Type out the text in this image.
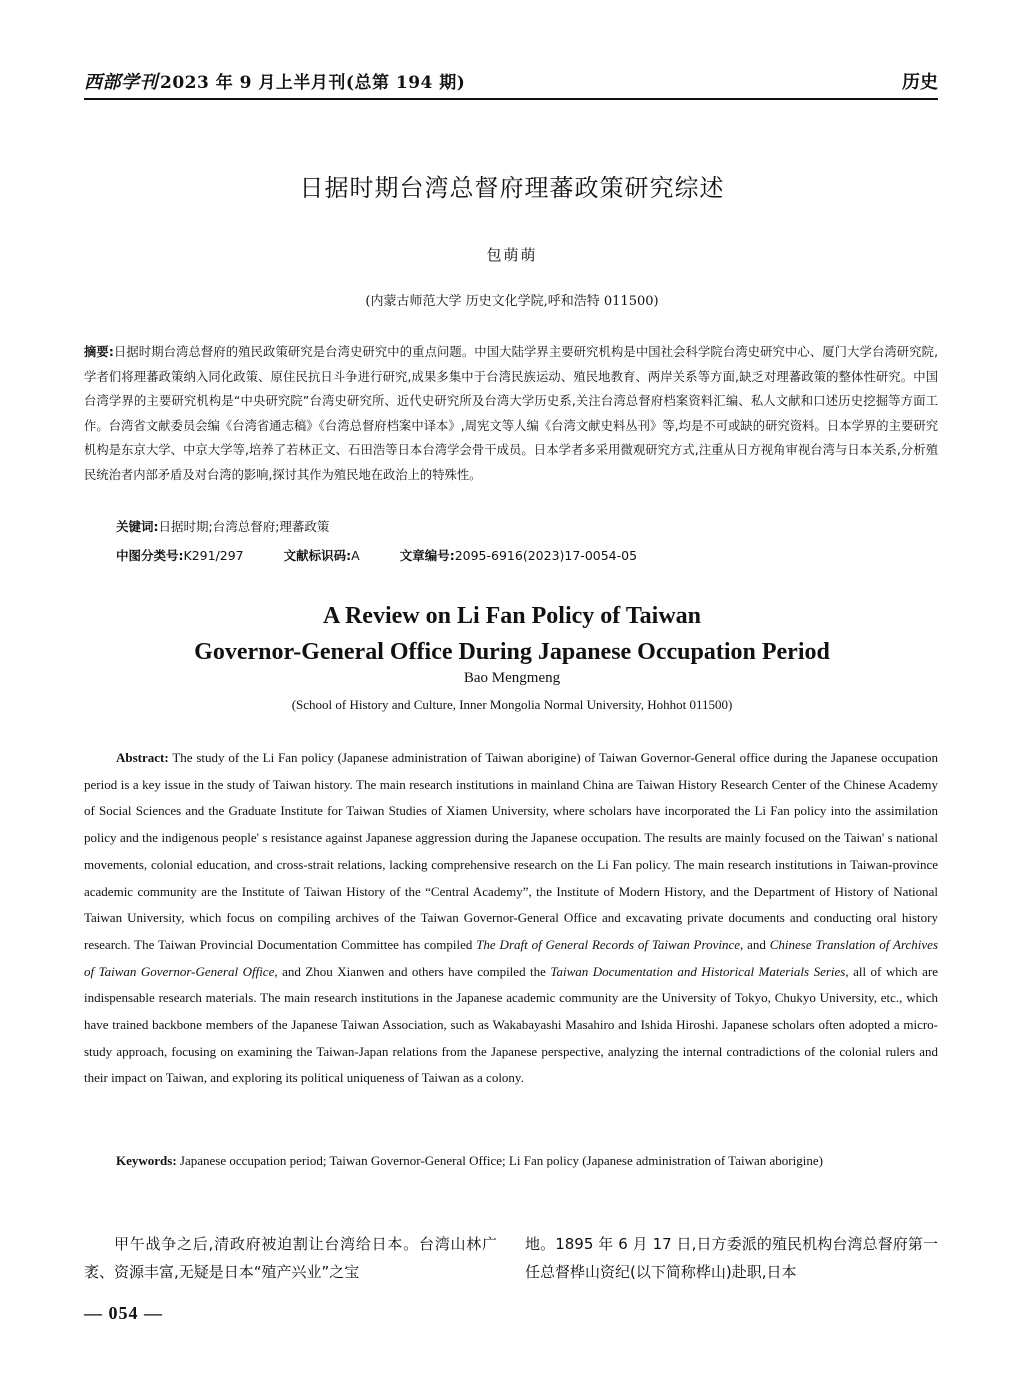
西部学刊 2023 年 9 月上半月刊(总第 194 期)	历史
日据时期台湾总督府理蕃政策研究综述
包萌萌
(内蒙古师范大学 历史文化学院,呼和浩特 011500)
摘要:日据时期台湾总督府的殖民政策研究是台湾史研究中的重点问题。中国大陆学界主要研究机构是中国社会科学院台湾史研究中心、厦门大学台湾研究院,学者们将理蕃政策纳入同化政策、原住民抗日斗争进行研究,成果多集中于台湾民族运动、殖民地教育、两岸关系等方面,缺乏对理蕃政策的整体性研究。中国台湾学界的主要研究机构是“中央研究院”台湾史研究所、近代史研究所及台湾大学历史系,关注台湾总督府档案资料汇编、私人文献和口述历史挖掘等方面工作。台湾省文献委员会编《台湾省通志稿》《台湾总督府档案中译本》,周宪文等人编《台湾文献史料丛刊》等,均是不可或缺的研究资料。日本学界的主要研究机构是东京大学、中京大学等,培养了若林正文、石田浩等日本台湾学会骨干成员。日本学者多采用微观研究方式,注重从日方视角审视台湾与日本关系,分析殖民统治者内部矛盾及对台湾的影响,探讨其作为殖民地在政治上的特殊性。
关键词:日据时期;台湾总督府;理蕃政策
中图分类号:K291/297	文献标识码:A	文章编号:2095-6916(2023)17-0054-05
A Review on Li Fan Policy of Taiwan
Governor-General Office During Japanese Occupation Period
Bao Mengmeng
(School of History and Culture, Inner Mongolia Normal University, Hohhot 011500)
Abstract: The study of the Li Fan policy (Japanese administration of Taiwan aborigine) of Taiwan Governor-General office during the Japanese occupation period is a key issue in the study of Taiwan history. The main research institutions in mainland China are Taiwan History Research Center of the Chinese Academy of Social Sciences and the Graduate Institute for Taiwan Studies of Xiamen University, where scholars have incorporated the Li Fan policy into the assimilation policy and the indigenous people' s resistance against Japanese aggression during the Japanese occupation. The results are mainly focused on the Taiwan' s national movements, colonial education, and cross-strait relations, lacking comprehensive research on the Li Fan policy. The main research institutions in Taiwan-province academic community are the Institute of Taiwan History of the “Central Academy”, the Institute of Modern History, and the Department of History of National Taiwan University, which focus on compiling archives of the Taiwan Governor-General Office and excavating private documents and conducting oral history research. The Taiwan Provincial Documentation Committee has compiled The Draft of General Records of Taiwan Province, and Chinese Translation of Archives of Taiwan Governor-General Office, and Zhou Xianwen and others have compiled the Taiwan Documentation and Historical Materials Series, all of which are indispensable research materials. The main research institutions in the Japanese academic community are the University of Tokyo, Chukyo University, etc., which have trained backbone members of the Japanese Taiwan Association, such as Wakabayashi Masahiro and Ishida Hiroshi. Japanese scholars often adopted a micro-study approach, focusing on examining the Taiwan-Japan relations from the Japanese perspective, analyzing the internal contradictions of the colonial rulers and their impact on Taiwan, and exploring its political uniqueness of Taiwan as a colony.
Keywords: Japanese occupation period; Taiwan Governor-General Office; Li Fan policy (Japanese administration of Taiwan aborigine)

甲午战争之后,清政府被迫割让台湾给日本。台湾山林广袤、资源丰富,无疑是日本“殖产兴业”之宝

地。1895 年 6 月 17 日,日方委派的殖民机构台湾总督府第一任总督桦山资纪(以下简称桦山)赴职,日本

— 054 —
